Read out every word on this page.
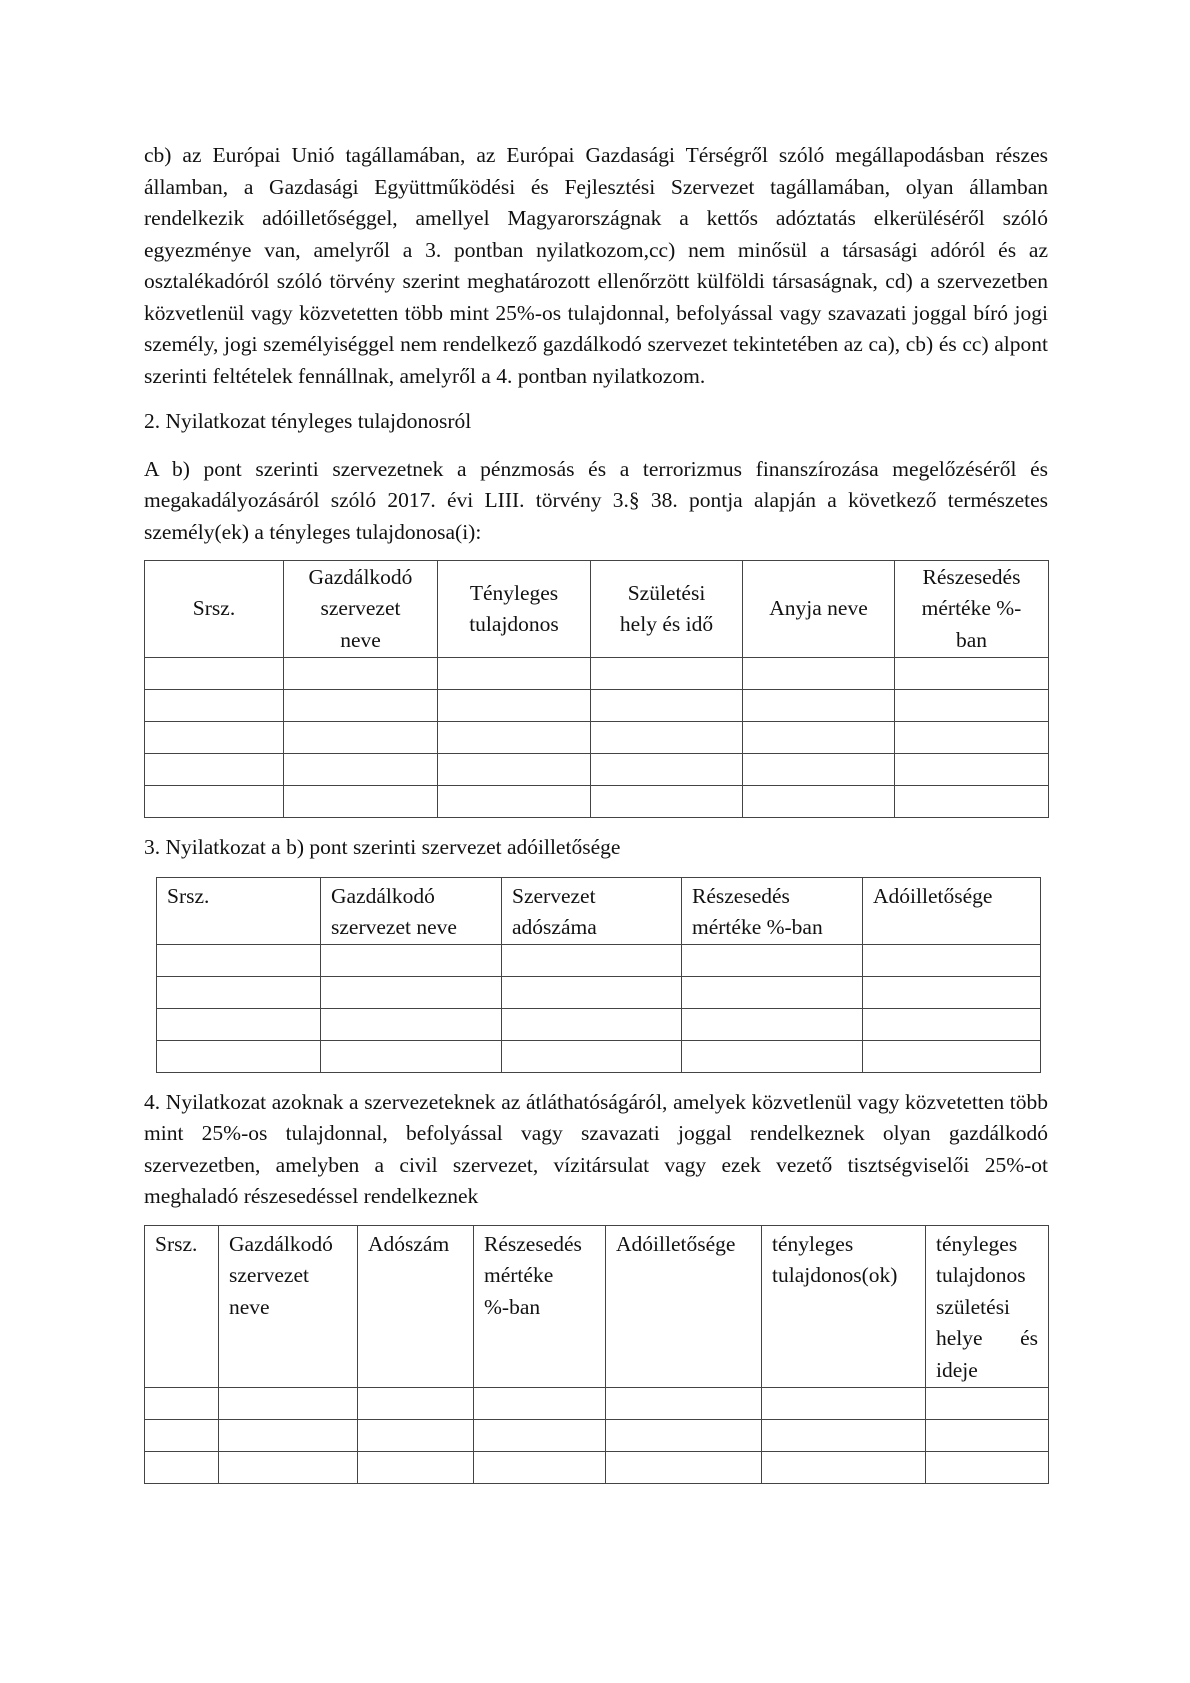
cb) az Európai Unió tagállamában, az Európai Gazdasági Térségről szóló megállapodásban részes államban, a Gazdasági Együttműködési és Fejlesztési Szervezet tagállamában, olyan államban rendelkezik adóilletőséggel, amellyel Magyarországnak a kettős adóztatás elkerüléséről szóló egyezménye van, amelyről a 3. pontban nyilatkozom,cc) nem minősül a társasági adóról és az osztalékadóról szóló törvény szerint meghatározott ellenőrzött külföldi társaságnak, cd) a szervezetben közvetlenül vagy közvetetten több mint 25%-os tulajdonnal, befolyással vagy szavazati joggal bíró jogi személy, jogi személyiséggel nem rendelkező gazdálkodó szervezet tekintetében az ca), cb) és cc) alpont szerinti feltételek fennállnak, amelyről a 4. pontban nyilatkozom.

2. Nyilatkozat tényleges tulajdonosról

A b) pont szerinti szervezetnek a pénzmosás és a terrorizmus finanszírozása megelőzéséről és megakadályozásáról szóló 2017. évi LIII. törvény 3.§ 38. pontja alapján a következő természetes személy(ek) a tényleges tulajdonosa(i):

Srsz.	Gazdálkodó
szervezet
neve	Tényleges
tulajdonos	Születési
hely és idő	Anyja neve	Részesedés
mértéke %-
ban

3. Nyilatkozat a b) pont szerinti szervezet adóilletősége

Srsz.	Gazdálkodó
szervezet neve	Szervezet
adószáma	Részesedés
mértéke %-ban	Adóilletősége

4. Nyilatkozat azoknak a szervezeteknek az átláthatóságáról, amelyek közvetlenül vagy közvetetten több mint 25%-os tulajdonnal, befolyással vagy szavazati joggal rendelkeznek olyan gazdálkodó szervezetben, amelyben a civil szervezet, vízitársulat vagy ezek vezető tisztségviselői 25%-ot meghaladó részesedéssel rendelkeznek

Srsz.	Gazdálkodó
szervezet
neve	Adószám	Részesedés
mértéke
%-ban	Adóilletősége	tényleges
tulajdonos(ok)	tényleges
tulajdonos
születési

helye és
ideje
